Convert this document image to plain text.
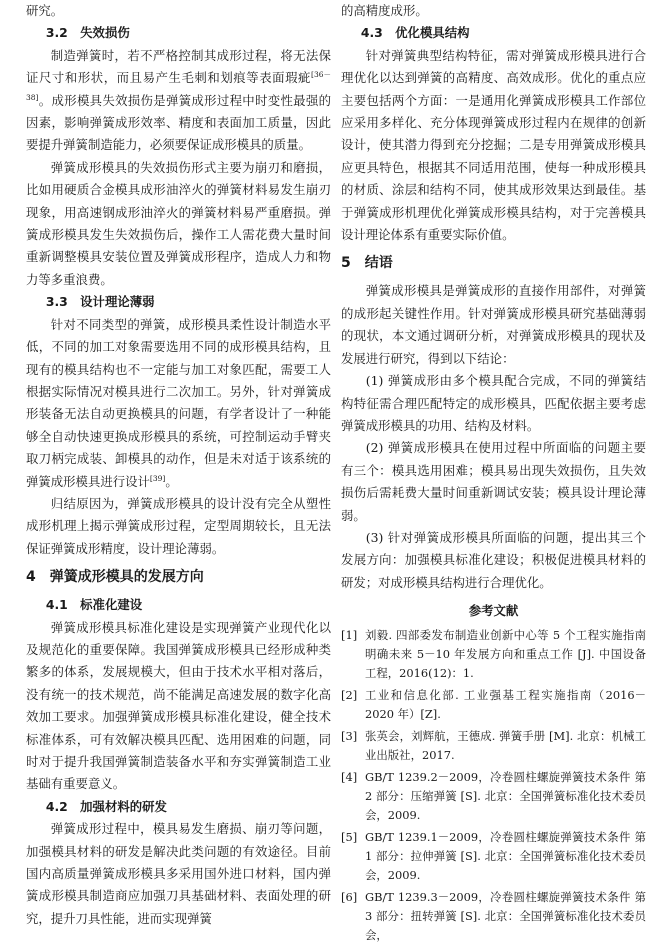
研究。

3.2　失效损伤

制造弹簧时，若不严格控制其成形过程，将无法保证尺寸和形状，而且易产生毛刺和划痕等表面瑕疵[36－38]。成形模具失效损伤是弹簧成形过程中时变性最强的因素，影响弹簧成形效率、精度和表面加工质量，因此要提升弹簧制造能力，必须要保证成形模具的质量。

弹簧成形模具的失效损伤形式主要为崩刃和磨损，比如用硬质合金模具成形油淬火的弹簧材料易发生崩刃现象，用高速钢成形油淬火的弹簧材料易严重磨损。弹簧成形模具发生失效损伤后，操作工人需花费大量时间重新调整模具安装位置及弹簧成形程序，造成人力和物力等多重浪费。

3.3　设计理论薄弱

针对不同类型的弹簧，成形模具柔性设计制造水平低，不同的加工对象需要选用不同的成形模具结构，且现有的模具结构也不一定能与加工对象匹配，需要工人根据实际情况对模具进行二次加工。另外，针对弹簧成形装备无法自动更换模具的问题，有学者设计了一种能够全自动快速更换成形模具的系统，可控制运动手臂夹取刀柄完成装、卸模具的动作，但是未对适于该系统的弹簧成形模具进行设计[39]。

归结原因为，弹簧成形模具的设计没有完全从塑性成形机理上揭示弹簧成形过程，定型周期较长，且无法保证弹簧成形精度，设计理论薄弱。

4　弹簧成形模具的发展方向

4.1　标准化建设

弹簧成形模具标准化建设是实现弹簧产业现代化以及规范化的重要保障。我国弹簧成形模具已经形成种类繁多的体系，发展规模大，但由于技术水平相对落后，没有统一的技术规范，尚不能满足高速发展的数字化高效加工要求。加强弹簧成形模具标准化建设，健全技术标准体系，可有效解决模具匹配、选用困难的问题，同时对于提升我国弹簧制造装备水平和夯实弹簧制造工业基础有重要意义。

4.2　加强材料的研发

弹簧成形过程中，模具易发生磨损、崩刃等问题，加强模具材料的研发是解决此类问题的有效途径。目前国内高质量弹簧成形模具多采用国外进口材料，国内弹簧成形模具制造商应加强刀具基础材料、表面处理的研究，提升刀具性能，进而实现弹簧

的高精度成形。

4.3　优化模具结构

针对弹簧典型结构特征，需对弹簧成形模具进行合理优化以达到弹簧的高精度、高效成形。优化的重点应主要包括两个方面：一是通用化弹簧成形模具工作部位应采用多样化、充分体现弹簧成形过程内在规律的创新设计，使其潜力得到充分挖掘；二是专用弹簧成形模具应更具特色，根据其不同适用范围，使每一种成形模具的材质、涂层和结构不同，使其成形效果达到最佳。基于弹簧成形机理优化弹簧成形模具结构，对于完善模具设计理论体系有重要实际价值。

5　结语

弹簧成形模具是弹簧成形的直接作用部件，对弹簧的成形起关键性作用。针对弹簧成形模具研究基础薄弱的现状，本文通过调研分析，对弹簧成形模具的现状及发展进行研究，得到以下结论：

(1) 弹簧成形由多个模具配合完成，不同的弹簧结构特征需合理匹配特定的成形模具，匹配依据主要考虑弹簧成形模具的功用、结构及材料。

(2) 弹簧成形模具在使用过程中所面临的问题主要有三个：模具选用困难；模具易出现失效损伤，且失效损伤后需耗费大量时间重新调试安装；模具设计理论薄弱。

(3) 针对弹簧成形模具所面临的问题，提出其三个发展方向：加强模具标准化建设；积极促进模具材料的研发；对成形模具结构进行合理优化。

参考文献
[1] 刘毅. 四部委发布制造业创新中心等 5 个工程实施指南 明确未来 5－10 年发展方向和重点工作 [J]. 中国设备工程，2016(12)：1.
[2] 工业和信息化部. 工业强基工程实施指南（2016－2020 年）[Z].
[3] 张英会，刘辉航，王德成. 弹簧手册 [M]. 北京：机械工业出版社，2017.
[4] GB/T 1239.2－2009，冷卷圆柱螺旋弹簧技术条件 第 2 部分：压缩弹簧 [S]. 北京：全国弹簧标准化技术委员会，2009.
[5] GB/T 1239.1－2009，冷卷圆柱螺旋弹簧技术条件 第 1 部分：拉伸弹簧 [S]. 北京：全国弹簧标准化技术委员会，2009.
[6] GB/T 1239.3－2009，冷卷圆柱螺旋弹簧技术条件 第 3 部分：扭转弹簧 [S]. 北京：全国弹簧标准化技术委员会，
